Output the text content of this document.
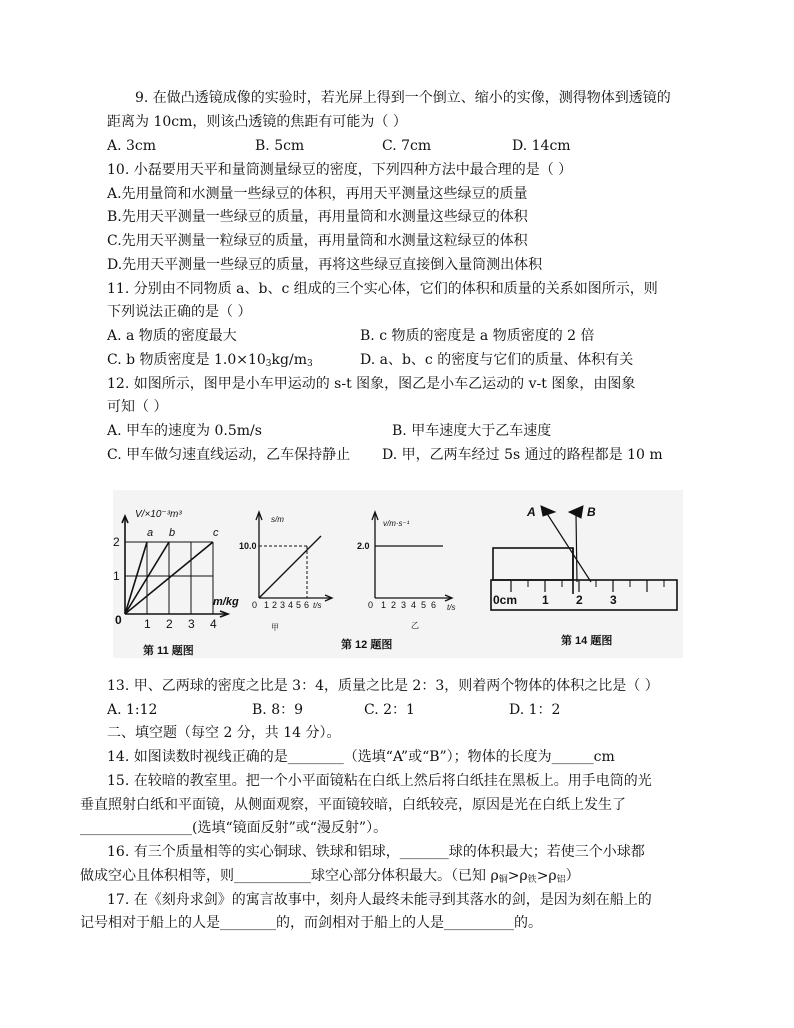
9. 在做凸透镜成像的实验时，若光屏上得到一个倒立、缩小的实像，测得物体到透镜的
距离为 10cm，则该凸透镜的焦距有可能为（ ）
A. 3cm	B. 5cm	C. 7cm	D. 14cm
10. 小磊要用天平和量筒测量绿豆的密度，下列四种方法中最合理的是（ ）
A.先用量筒和水测量一些绿豆的体积，再用天平测量这些绿豆的质量
B.先用天平测量一些绿豆的质量，再用量筒和水测量这些绿豆的体积
C.先用天平测量一粒绿豆的质量，再用量筒和水测量这粒绿豆的体积
D.先用天平测量一些绿豆的质量，再将这些绿豆直接倒入量筒测出体积
11. 分别由不同物质 a、b、c 组成的三个实心体，它们的体积和质量的关系如图所示，则
下列说法正确的是（ ）
A. a 物质的密度最大	B. c 物质的密度是 a 物质密度的 2 倍
C. b 物质密度是 $1.0\times 10^3kg/m^3$	D. a、b、c 的密度与它们的质量、体积有关
12. 如图所示，图甲是小车甲运动的 s-t 图象，图乙是小车乙运动的 v-t 图象，由图象
可知（ ）
A. 甲车的速度为 0.5m/s	B. 甲车速度大于乙车速度
C. 甲车做匀速直线运动，乙车保持静止 D. 甲，乙两车经过 5s 通过的路程都是 10 m
V/×10⁻³m³
a b	c
1
2
0 1 2 3 4
m/kg
第 11 题图
s/m
10.0
t/s
0 1 2 3 4 5 6
甲
v/m·s⁻¹
2.0
t/s
0 1 2 3 4 5 6
乙
第 12 题图
A	B
0cm 1 2 3
第 14 题图
13. 甲、乙两球的密度之比是 3：4，质量之比是 2：3，则着两个物体的体积之比是（ ）
A. 1:12	B. 8：9	C. 2：1	D. 1：2
二、填空题（每空 2 分，共 14 分）。
14. 如图读数时视线正确的是________（选填“A”或“B”）；物体的长度为______cm
15. 在较暗的教室里。把一个小平面镜粘在白纸上然后将白纸挂在黑板上。用手电筒的光
垂直照射白纸和平面镜，从侧面观察，平面镜较暗，白纸较亮，原因是光在白纸上发生了
________________(选填“镜面反射”或“漫反射”）。
16. 有三个质量相等的实心铜球、铁球和铝球，_______球的体积最大；若使三个小球都
做成空心且体积相等，则___________球空心部分体积最大。（已知 $\rho_铜>\rho_铁>\rho_铝$）
17. 在《刻舟求剑》的寓言故事中，刻舟人最终未能寻到其落水的剑，是因为刻在船上的
记号相对于船上的人是________的，而剑相对于船上的人是__________的。
